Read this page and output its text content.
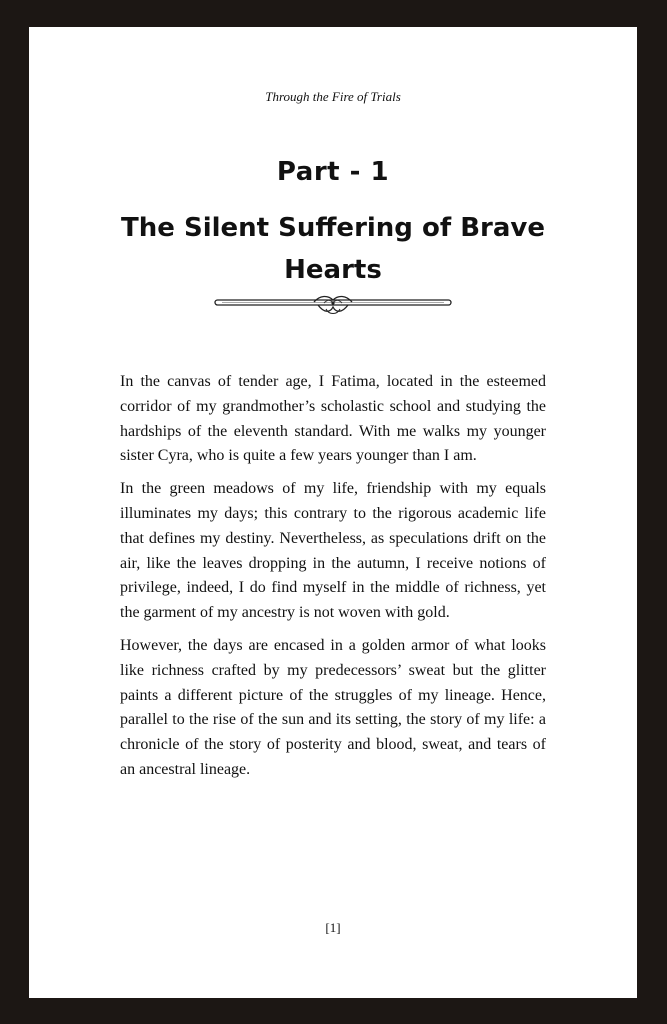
Through the Fire of Trials
Part - 1
The Silent Suffering of Brave Hearts

In the canvas of tender age, I Fatima, located in the esteemed corridor of my grandmother’s scholastic school and studying the hardships of the eleventh standard. With me walks my younger sister Cyra, who is quite a few years younger than I am.

In the green meadows of my life, friendship with my equals illuminates my days; this contrary to the rigorous academic life that defines my destiny. Nevertheless, as speculations drift on the air, like the leaves dropping in the autumn, I receive notions of privilege, indeed, I do find myself in the middle of richness, yet the garment of my ancestry is not woven with gold.

However, the days are encased in a golden armor of what looks like richness crafted by my predecessors’ sweat but the glitter paints a different picture of the struggles of my lineage. Hence, parallel to the rise of the sun and its setting, the story of my life: a chronicle of the story of posterity and blood, sweat, and tears of an ancestral lineage.

[1]
